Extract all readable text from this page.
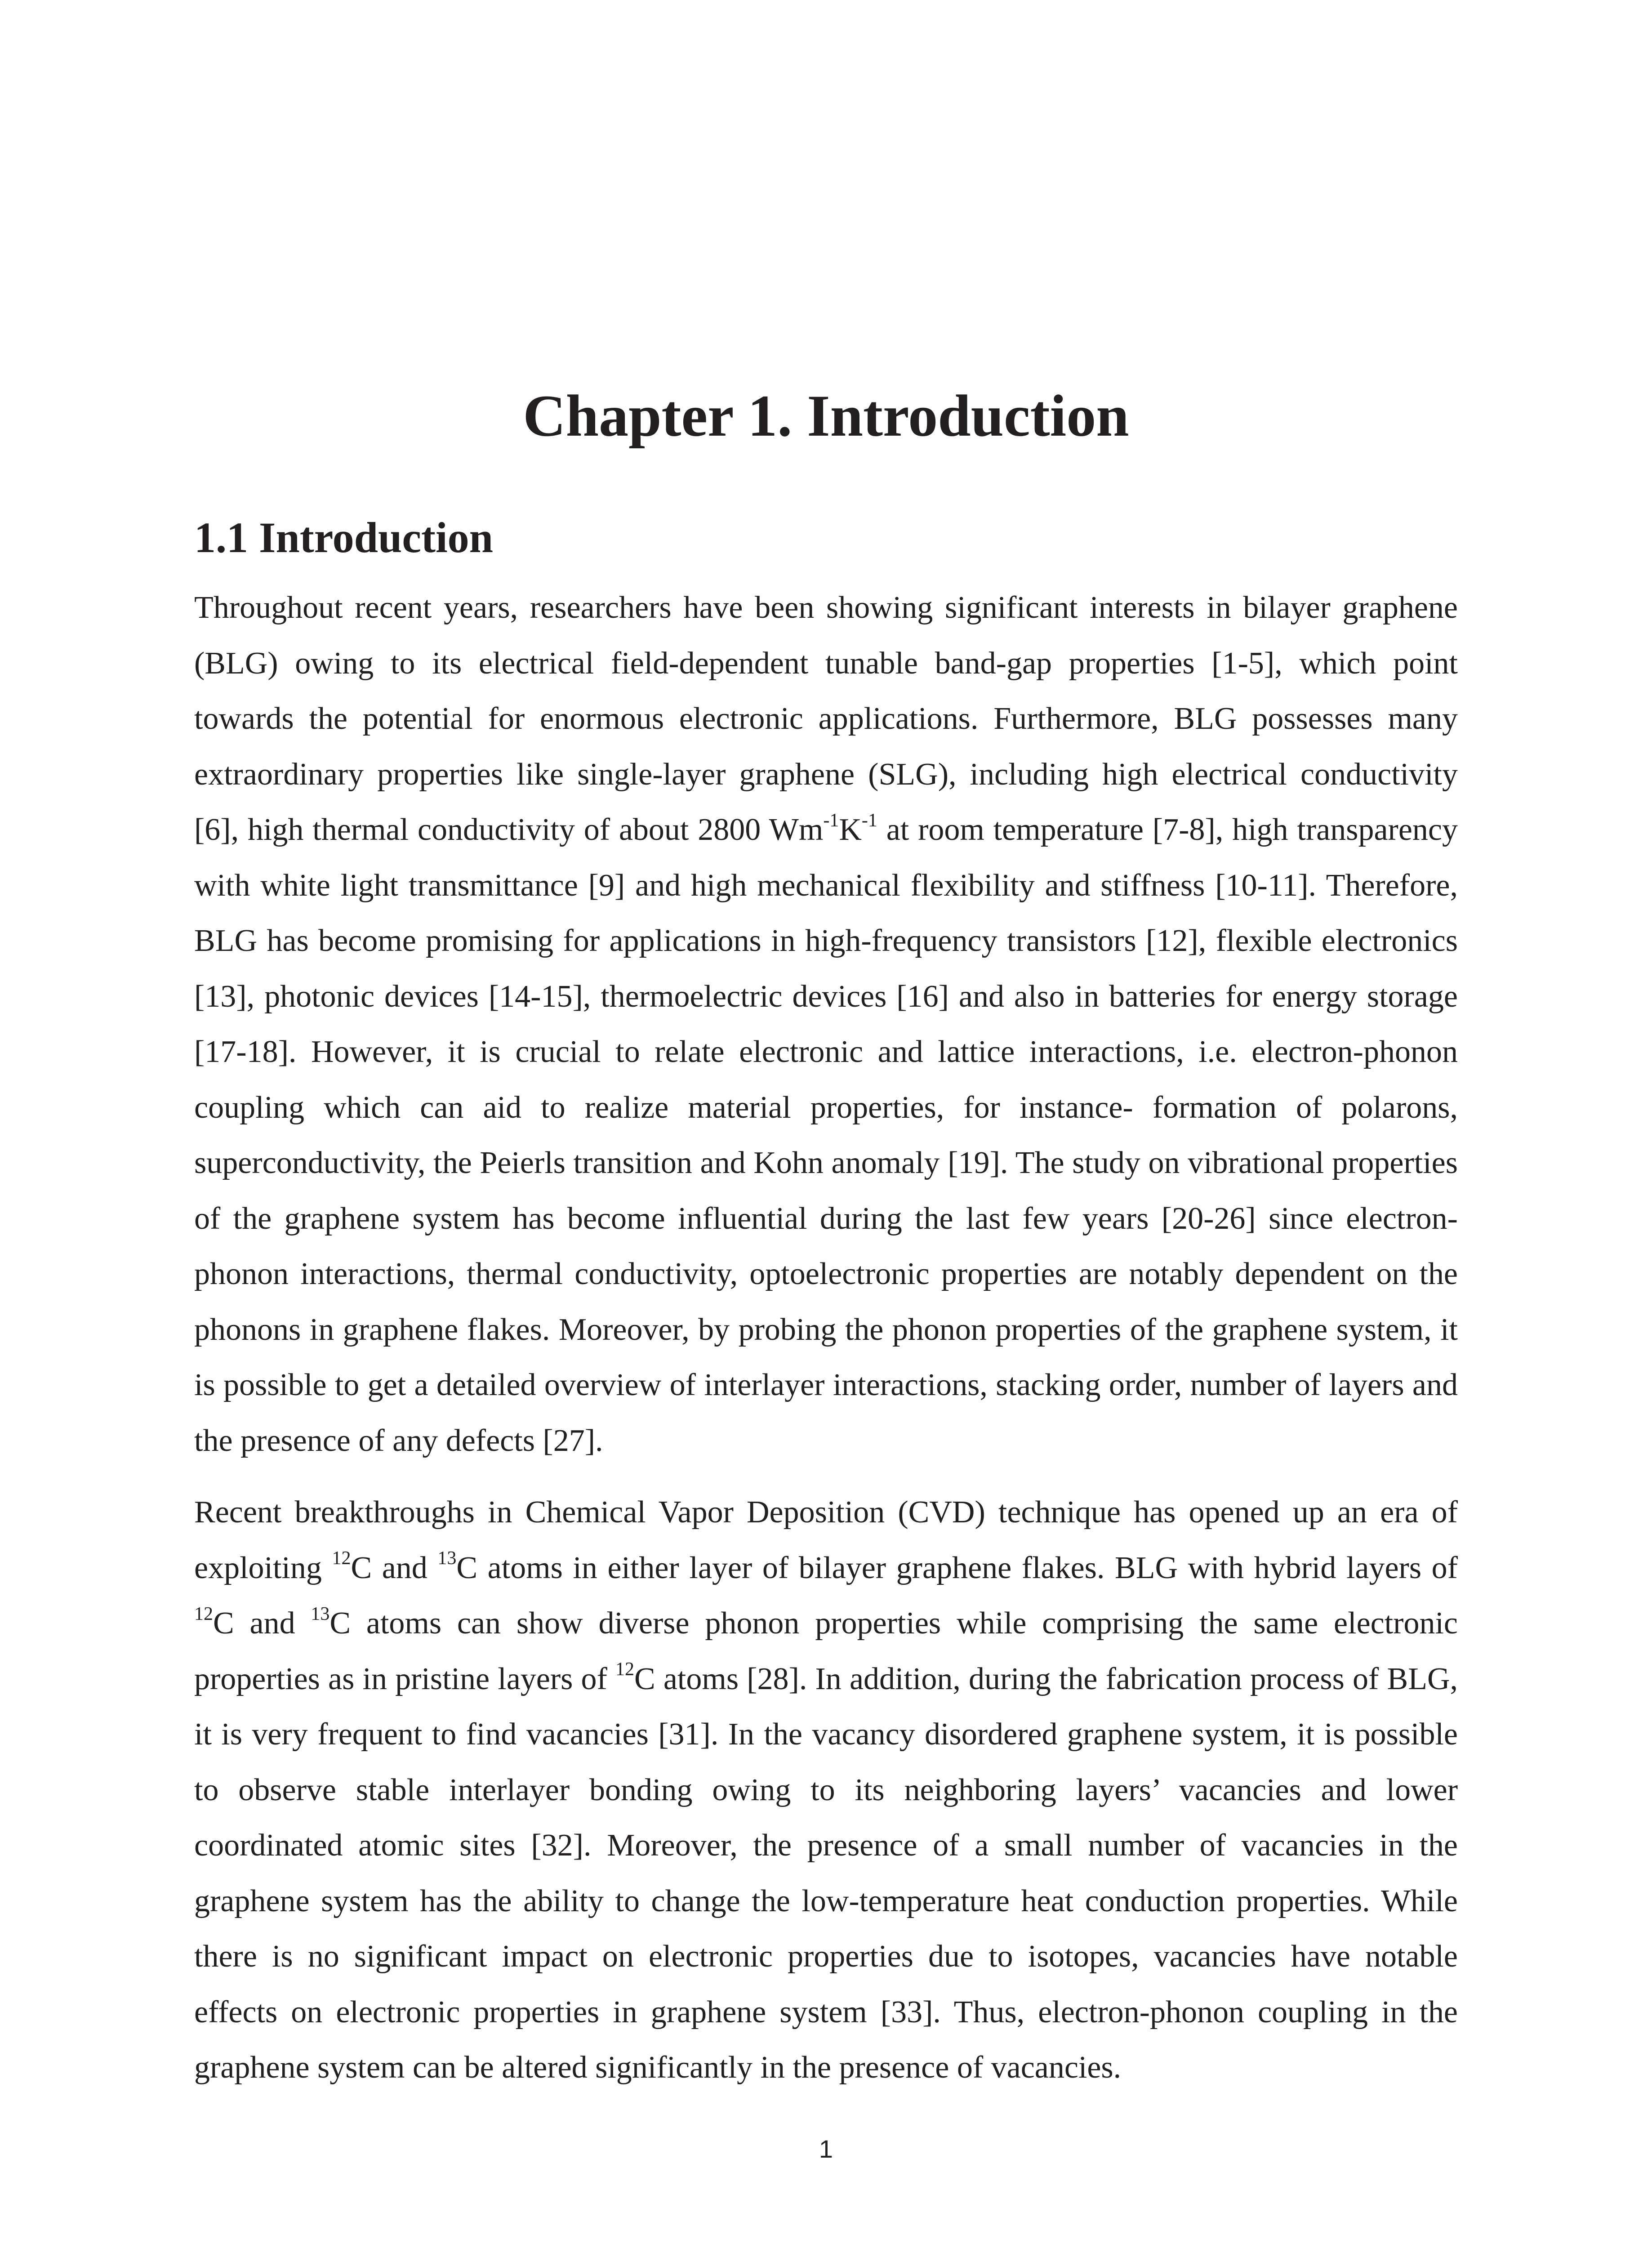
Chapter 1. Introduction
1.1 Introduction

Throughout recent years, researchers have been showing significant interests in bilayer graphene (BLG) owing to its electrical field-dependent tunable band-gap properties [1-5], which point towards the potential for enormous electronic applications. Furthermore, BLG possesses many extraordinary properties like single-layer graphene (SLG), including high electrical conductivity [6], high thermal conductivity of about 2800 $Wm^{-1}K^{-1}$ at room temperature [7-8], high transparency with white light transmittance [9] and high mechanical flexibility and stiffness [10-11]. Therefore, BLG has become promising for applications in high-frequency transistors [12], flexible electronics [13], photonic devices [14-15], thermoelectric devices [16] and also in batteries for energy storage [17-18]. However, it is crucial to relate electronic and lattice interactions, i.e. electron-phonon coupling which can aid to realize material properties, for instance- formation of polarons, superconductivity, the Peierls transition and Kohn anomaly [19]. The study on vibrational properties of the graphene system has become influential during the last few years [20-26] since electron-phonon interactions, thermal conductivity, optoelectronic properties are notably dependent on the phonons in graphene flakes. Moreover, by probing the phonon properties of the graphene system, it is possible to get a detailed overview of interlayer interactions, stacking order, number of layers and the presence of any defects [27].

Recent breakthroughs in Chemical Vapor Deposition (CVD) technique has opened up an era of exploiting $^{12}$C and $^{13}$C atoms in either layer of bilayer graphene flakes. BLG with hybrid layers of $^{12}$C and $^{13}$C atoms can show diverse phonon properties while comprising the same electronic properties as in pristine layers of $^{12}$C atoms [28]. In addition, during the fabrication process of BLG, it is very frequent to find vacancies [31]. In the vacancy disordered graphene system, it is possible to observe stable interlayer bonding owing to its neighboring layers’ vacancies and lower coordinated atomic sites [32]. Moreover, the presence of a small number of vacancies in the graphene system has the ability to change the low-temperature heat conduction properties. While there is no significant impact on electronic properties due to isotopes, vacancies have notable effects on electronic properties in graphene system [33]. Thus, electron-phonon coupling in the graphene system can be altered significantly in the presence of vacancies.

1
